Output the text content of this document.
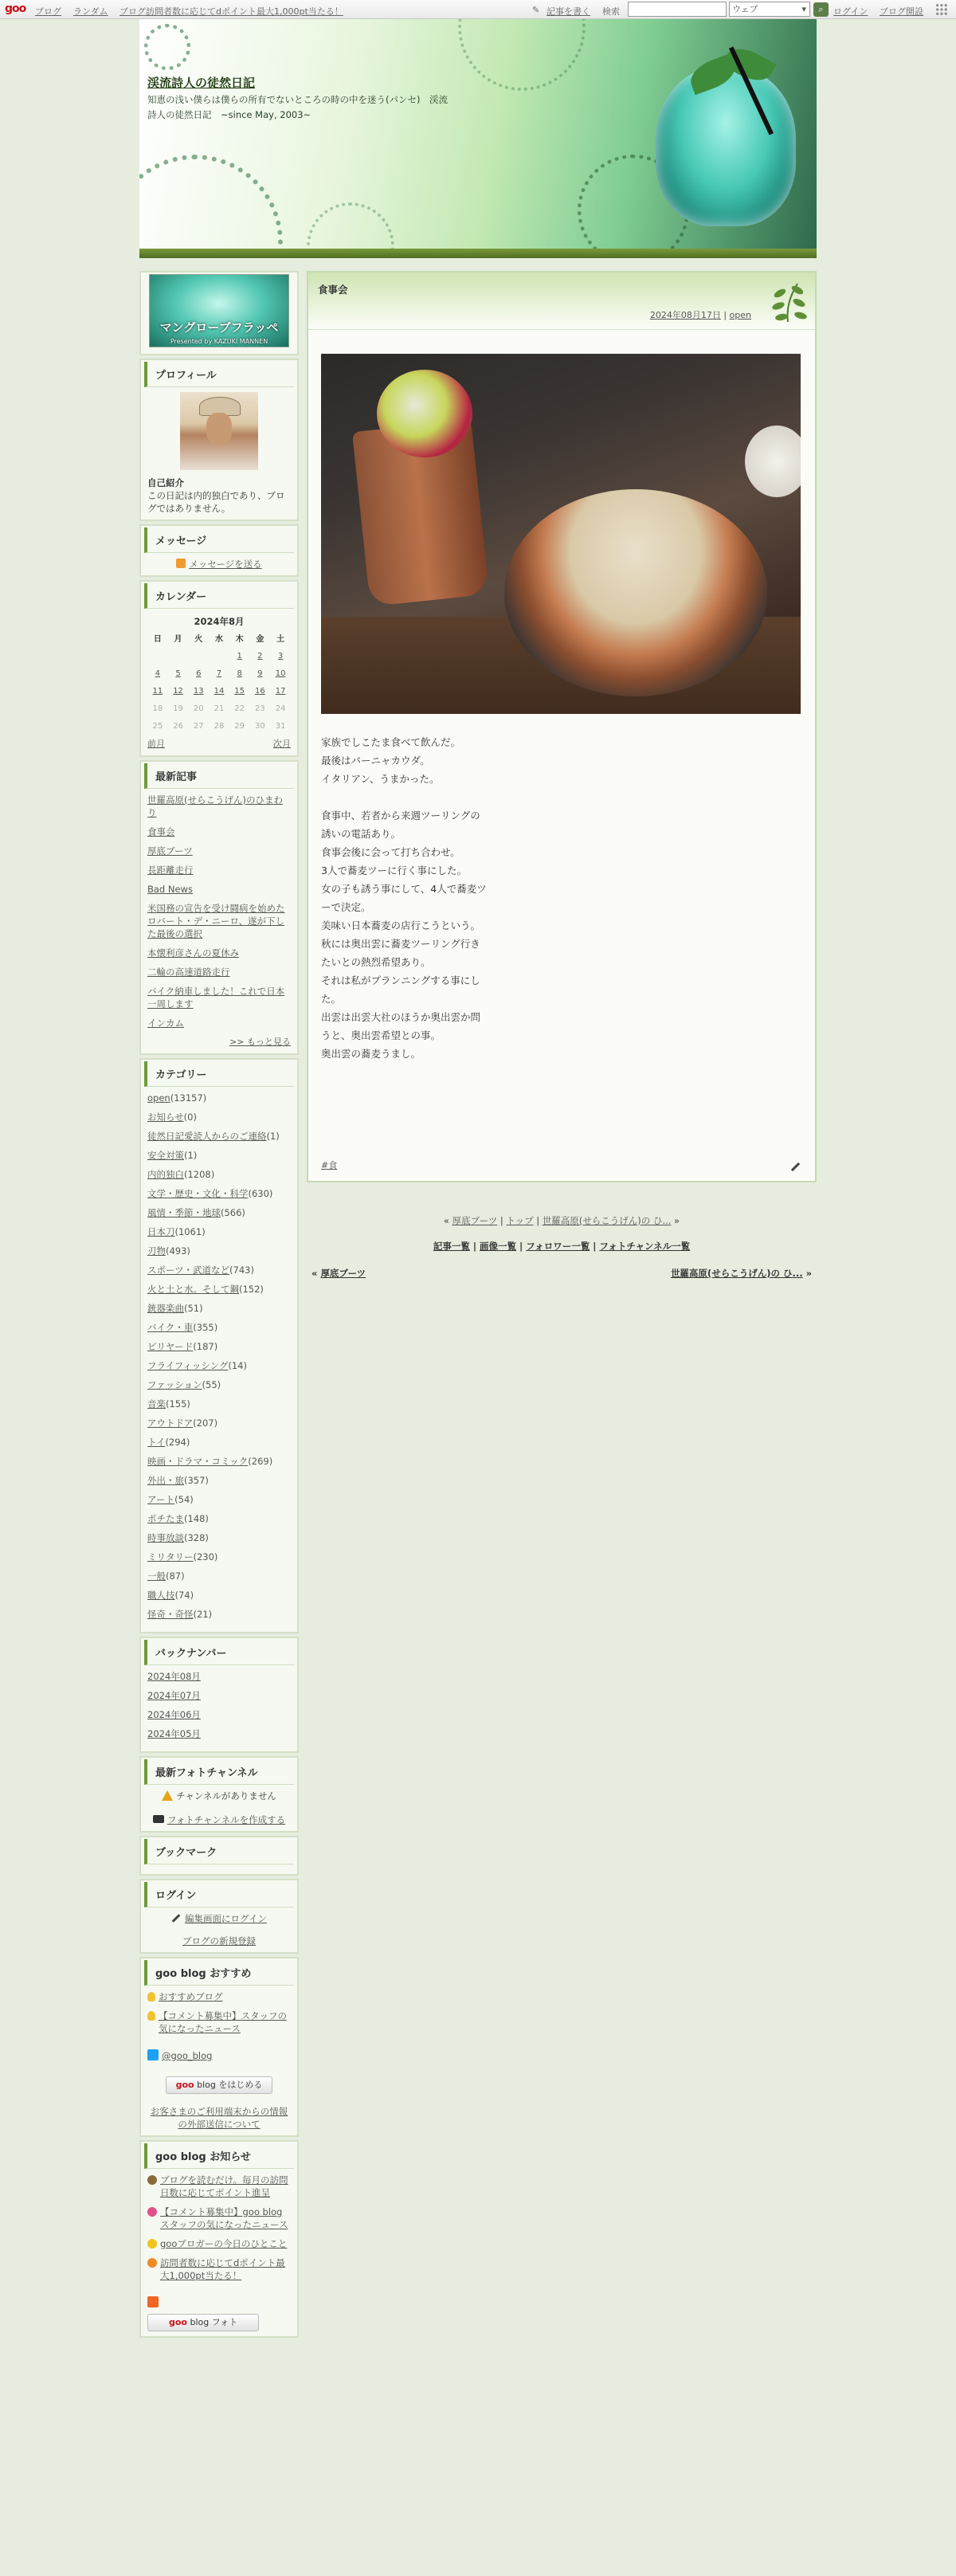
goo ブログ ランダム ブログ訪問者数に応じてdポイント最大1,000pt当たる！	✎ 記事を書く 検索	ウェブ	▾	⌕	ログイン ブログ開設
渓流詩人の徒然日記
知恵の浅い僕らは僕らの所有でないところの時の中を迷う(パンセ)　渓流詩人の徒然日記　~since May, 2003~
マングローブフラッペ
Presented by KAZUKI MANNEN
プロフィール
自己紹介
この日記は内的独白であり、ブログではありません。
メッセージ
メッセージを送る
カレンダー
2024年8月
日	月	火	水	木	金	土
				1	2	3
4	5	6	7	8	9	10
11	12	13	14	15	16	17
18	19	20	21	22	23	24
25	26	27	28	29	30	31
前月	次月
最新記事
世羅高原(せらこうげん)のひまわり
食事会
厚底ブーツ
長距離走行
Bad News
米国務の宣告を受け闘病を始めたロバート・デ・ニーロ、遂が下した最後の選択
本懐利彦さんの夏休み
二輪の高速道路走行
バイク納車しました！これで日本一周します
インカム
>> もっと見る
カテゴリー
open(13157)
お知らせ(0)
徒然日記愛読人からのご連絡(1)
安全対策(1)
内的独白(1208)
文学・歴史・文化・科学(630)
風情・季節・地球(566)
日本刀(1061)
刃物(493)
スポーツ・武道など(743)
火と土と水。そして鋼(152)
銃器楽曲(51)
バイク・車(355)
ビリヤード(187)
フライフィッシング(14)
ファッション(55)
音楽(155)
アウトドア(207)
トイ(294)
映画・ドラマ・コミック(269)
外出・旅(357)
アート(54)
ポチたま(148)
時事放談(328)
ミリタリー(230)
一般(87)
職人技(74)
怪奇・奇怪(21)
バックナンバー
2024年08月
2024年07月
2024年06月
2024年05月
最新フォトチャンネル
チャンネルがありません
フォトチャンネルを作成する
ブックマーク
ログイン
編集画面にログイン
ブログの新規登録
goo blog おすすめ
おすすめブログ
【コメント募集中】スタッフの気になったニュース
@goo_blog
goo blog をはじめる
お客さまのご利用端末からの情報の外部送信について
goo blog お知らせ
ブログを読むだけ。毎月の訪問日数に応じてポイント進呈
【コメント募集中】goo blogスタッフの気になったニュース
gooブロガーの今日のひとこと
訪問者数に応じてdポイント最大1,000pt当たる！
goo blog フォト
食事会
2024年08月17日 | open

家族でしこたま食べて飲んだ。
最後はバーニャカウダ。
イタリアン、うまかった。

食事中、若者から来週ツーリングの 誘いの電話あり。
食事会後に会って打ち合わせ。
3人で蕎麦ツーに行く事にした。
女の子も誘う事にして、4人で蕎麦ツーで決定。
美味い日本蕎麦の店行こうという。
秋には奥出雲に蕎麦ツーリング行きたいとの熱烈希望あり。
それは私がプランニングする事にした。
出雲は出雲大社のほうか奥出雲か問うと、奥出雲希望との事。
奥出雲の蕎麦うまし。

#食
« 厚底ブーツ | トップ | 世羅高原(せらこうげん)の ひ... »
記事一覧 | 画像一覧 | フォロワー一覧 | フォトチャンネル一覧
« 厚底ブーツ	世羅高原(せらこうげん)の ひ... »
